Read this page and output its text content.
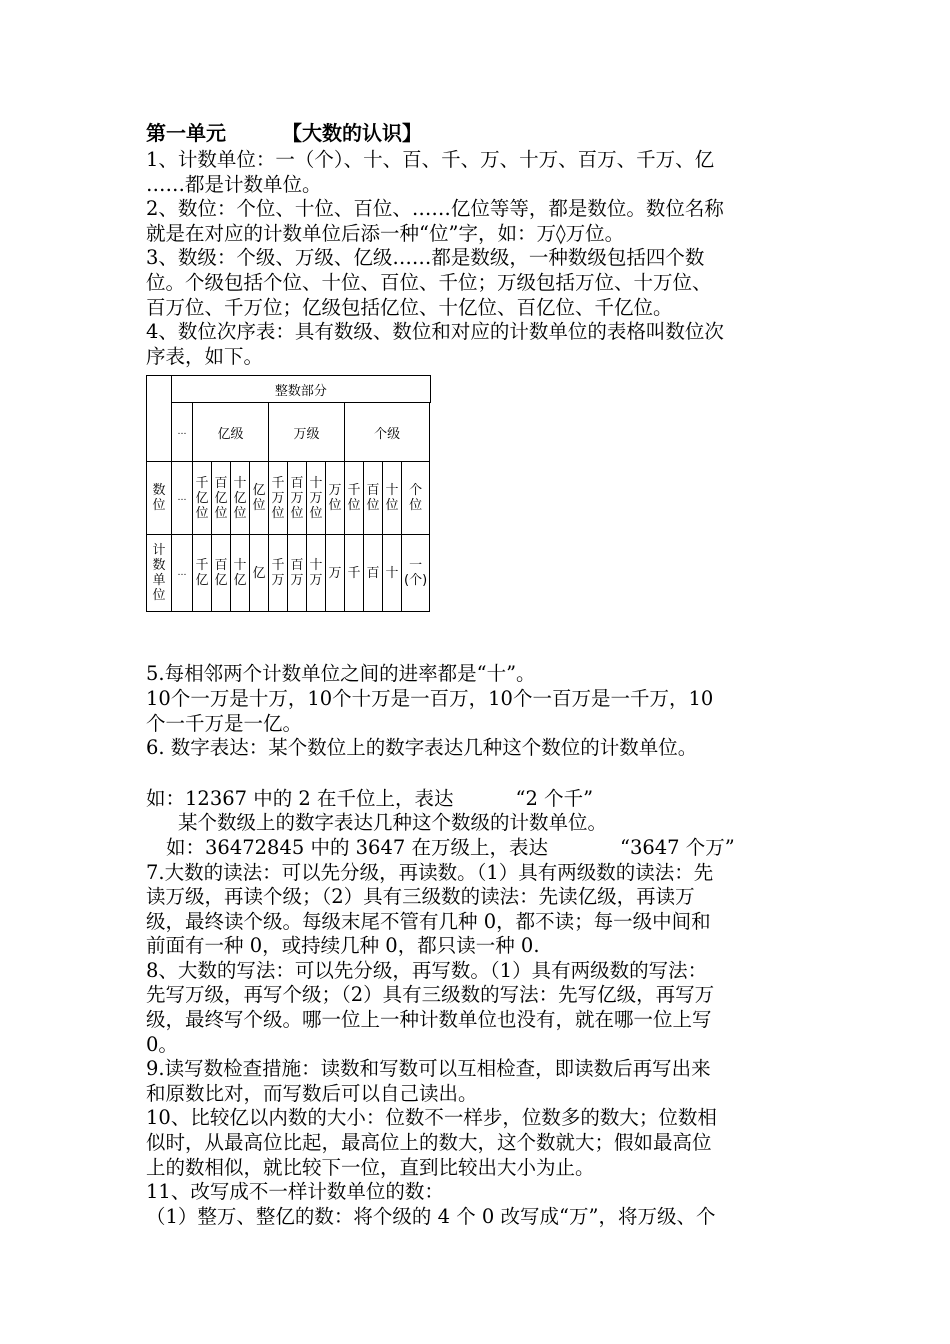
第一单元	【大数的认识】

1、计数单位：一（个）、十、百、千、万、十万、百万、千万、亿

……都是计数单位。

2、数位：个位、十位、百位、……亿位等等，都是数位。数位名称

就是在对应的计数单位后添一种“位”字，如：万◊万位。

3、数级：个级、万级、亿级……都是数级，一种数级包括四个数

位。个级包括个位、十位、百位、千位；万级包括万位、十万位、

百万位、千万位；亿级包括亿位、十亿位、百亿位、千亿位。

4、数位次序表：具有数级、数位和对应的计数单位的表格叫数位次

序表，如下。

	整数部分													
	…	亿级				万级				个级				
数位	…	千亿位	百亿位	十亿位	亿位	千万位	百万位	十万位	万位	千位	百位	十位	个位	
计数单位	…	千亿	百亿	十亿	亿	千万	百万	十万	万	千	百	十	一(个)	

5.每相邻两个计数单位之间的进率都是“十”。

10个一万是十万，10个十万是一百万，10个一百万是一千万，10

个一千万是一亿。

6. 数字表达：某个数位上的数字表达几种这个数位的计数单位。

如：12367 中的 2 在千位上，表达	“2 个千”

某个数级上的数字表达几种这个数级的计数单位。

如：36472845 中的 3647 在万级上，表达	“3647 个万”

7.大数的读法：可以先分级，再读数。（1）具有两级数的读法：先

读万级，再读个级；（2）具有三级数的读法：先读亿级，再读万

级，最终读个级。每级末尾不管有几种 0，都不读；每一级中间和

前面有一种 0，或持续几种 0，都只读一种 0.

8、大数的写法：可以先分级，再写数。（1）具有两级数的写法：

先写万级，再写个级；（2）具有三级数的写法：先写亿级，再写万

级，最终写个级。哪一位上一种计数单位也没有，就在哪一位上写

0。

9.读写数检查措施：读数和写数可以互相检查，即读数后再写出来

和原数比对，而写数后可以自己读出。

10、比较亿以内数的大小：位数不一样步，位数多的数大；位数相

似时，从最高位比起，最高位上的数大，这个数就大；假如最高位

上的数相似，就比较下一位，直到比较出大小为止。

11、改写成不一样计数单位的数：

（1）整万、整亿的数：将个级的 4 个 0 改写成“万”，将万级、个
